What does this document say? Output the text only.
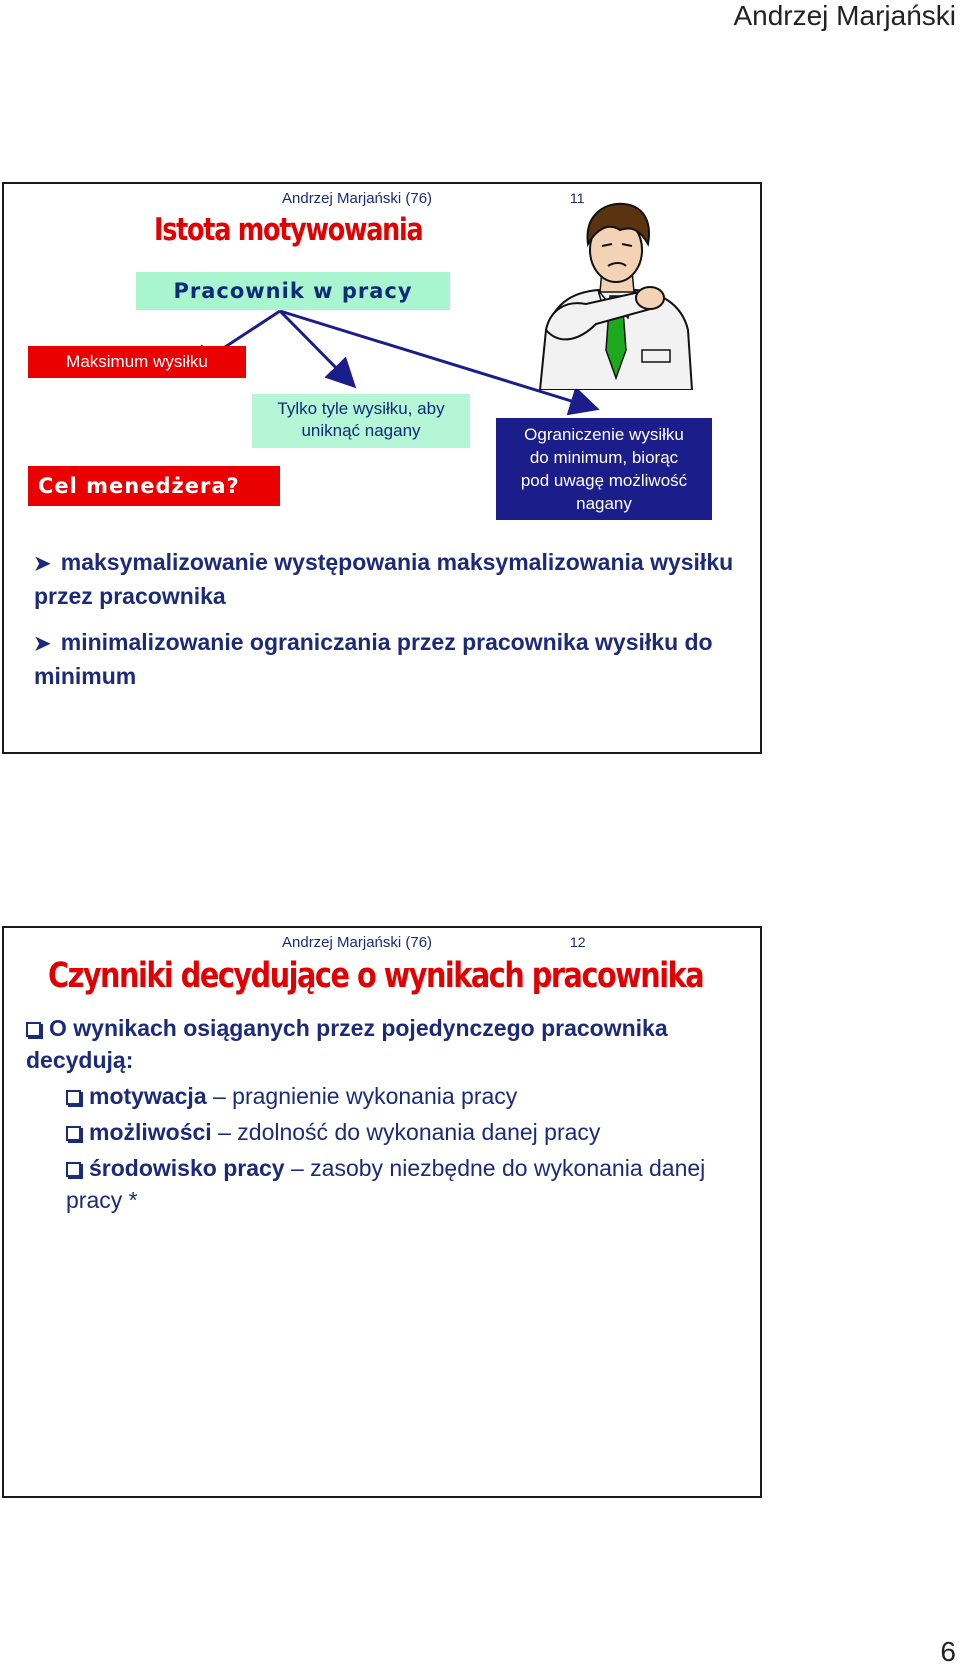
Andrzej Marjański
Andrzej Marjański (76)	11
Istota motywowania
Pracownik w pracy
Maksimum wysiłku
Tylko tyle wysiłku, aby
uniknąć nagany	Ograniczenie wysiłku
do minimum, biorąc
pod uwagę możliwość
nagany
Cel menedżera?
➤ maksymalizowanie występowania maksymalizowania wysiłku przez pracownika
➤ minimalizowanie ograniczania przez pracownika wysiłku do minimum
Andrzej Marjański (76)	12
Czynniki decydujące o wynikach pracownika
O wynikach osiąganych przez pojedynczego pracownika decydują:
motywacja – pragnienie wykonania pracy
możliwości – zdolność do wykonania danej pracy
środowisko pracy – zasoby niezbędne do wykonania danej pracy *
6
